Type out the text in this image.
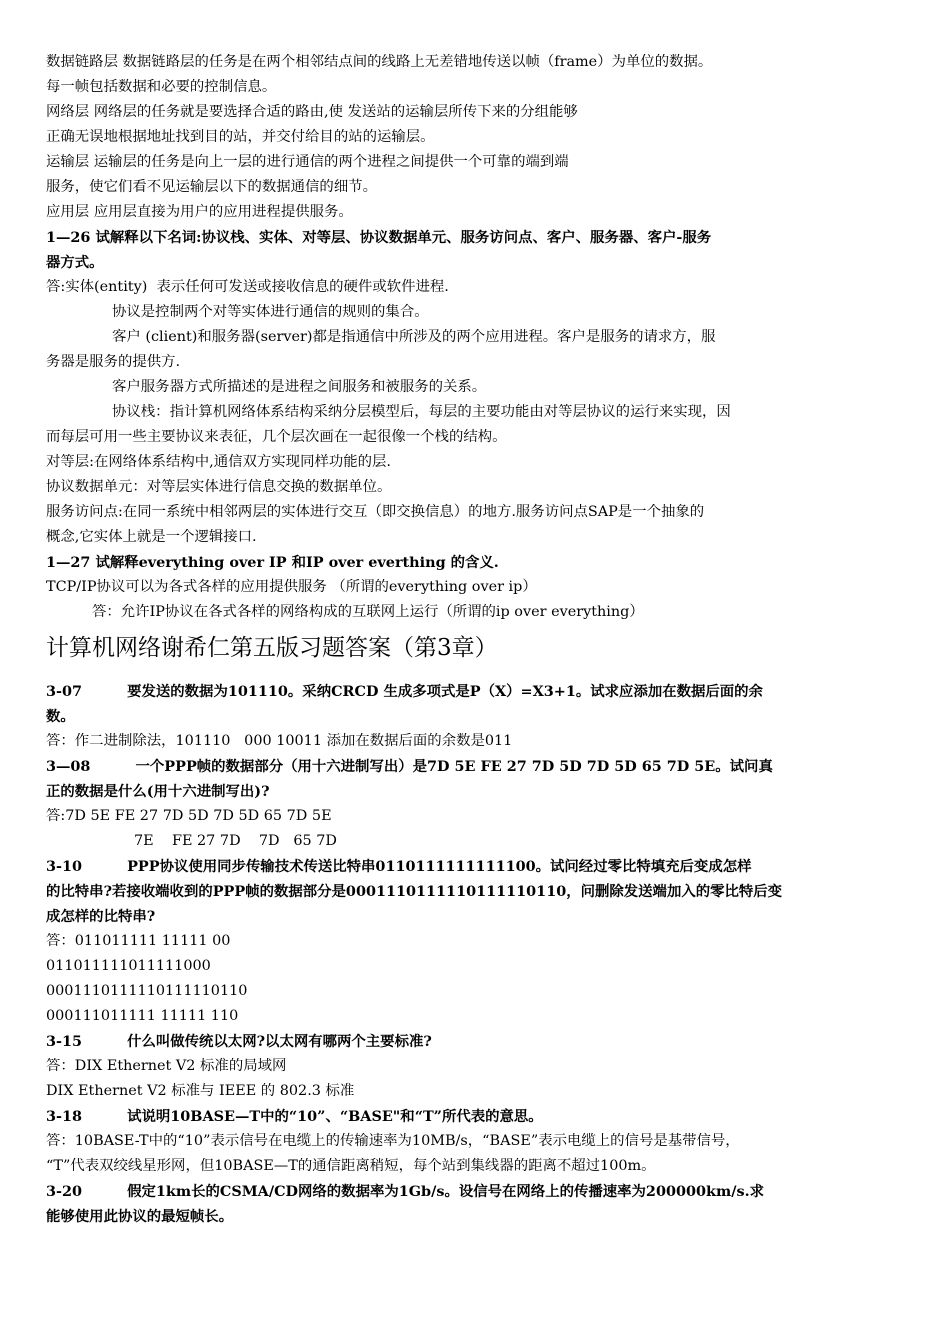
数据链路层 数据链路层的任务是在两个相邻结点间的线路上无差错地传送以帧（frame）为单位的数据。
每一帧包括数据和必要的控制信息。
网络层 网络层的任务就是要选择合适的路由,使 发送站的运输层所传下来的分组能够
正确无误地根据地址找到目的站，并交付给目的站的运输层。
运输层 运输层的任务是向上一层的进行通信的两个进程之间提供一个可靠的端到端
服务，使它们看不见运输层以下的数据通信的细节。
应用层 应用层直接为用户的应用进程提供服务。
1—26 试解释以下名词:协议栈、实体、对等层、协议数据单元、服务访问点、客户、服务器、客户-服务
器方式。
答:实体(entity)  表示任何可发送或接收信息的硬件或软件进程.
协议是控制两个对等实体进行通信的规则的集合。
客户 (client)和服务器(server)都是指通信中所涉及的两个应用进程。客户是服务的请求方，服
务器是服务的提供方.
客户服务器方式所描述的是进程之间服务和被服务的关系。
协议栈：指计算机网络体系结构采纳分层模型后，每层的主要功能由对等层协议的运行来实现，因
而每层可用一些主要协议来表征，几个层次画在一起很像一个栈的结构。
对等层:在网络体系结构中,通信双方实现同样功能的层.
协议数据单元：对等层实体进行信息交换的数据单位。
服务访问点:在同一系统中相邻两层的实体进行交互（即交换信息）的地方.服务访问点SAP是一个抽象的
概念,它实体上就是一个逻辑接口.
1—27 试解释everything over IP 和IP over everthing 的含义.
TCP/IP协议可以为各式各样的应用提供服务 （所谓的everything over ip）
答：允许IP协议在各式各样的网络构成的互联网上运行（所谓的ip over everything）
计算机网络谢希仁第五版习题答案（第3章）
3-07         要发送的数据为101110。采纳CRCD 生成多项式是P（X）=X3+1。试求应添加在数据后面的余
数。
答：作二进制除法，101110   000 10011 添加在数据后面的余数是011
3—08         一个PPP帧的数据部分（用十六进制写出）是7D 5E FE 27 7D 5D 7D 5D 65 7D 5E。试问真
正的数据是什么(用十六进制写出)?
答:7D 5E FE 27 7D 5D 7D 5D 65 7D 5E
7E    FE 27 7D    7D   65 7D
3-10         PPP协议使用同步传输技术传送比特串0110111111111100。试问经过零比特填充后变成怎样
的比特串?若接收端收到的PPP帧的数据部分是0001110111110111110110，问删除发送端加入的零比特后变
成怎样的比特串?
答：011011111 11111 00
011011111011111000
0001110111110111110110
000111011111 11111 110
3-15         什么叫做传统以太网?以太网有哪两个主要标准?
答：DIX Ethernet V2 标准的局域网
DIX Ethernet V2 标准与 IEEE 的 802.3 标准
3-18         试说明10BASE—T中的“10”、“BASE"和“T”所代表的意思。
答：10BASE-T中的“10”表示信号在电缆上的传输速率为10MB/s，“BASE”表示电缆上的信号是基带信号，
“T”代表双绞线星形网，但10BASE—T的通信距离稍短，每个站到集线器的距离不超过100m。
3-20         假定1km长的CSMA/CD网络的数据率为1Gb/s。设信号在网络上的传播速率为200000km/s.求
能够使用此协议的最短帧长。
